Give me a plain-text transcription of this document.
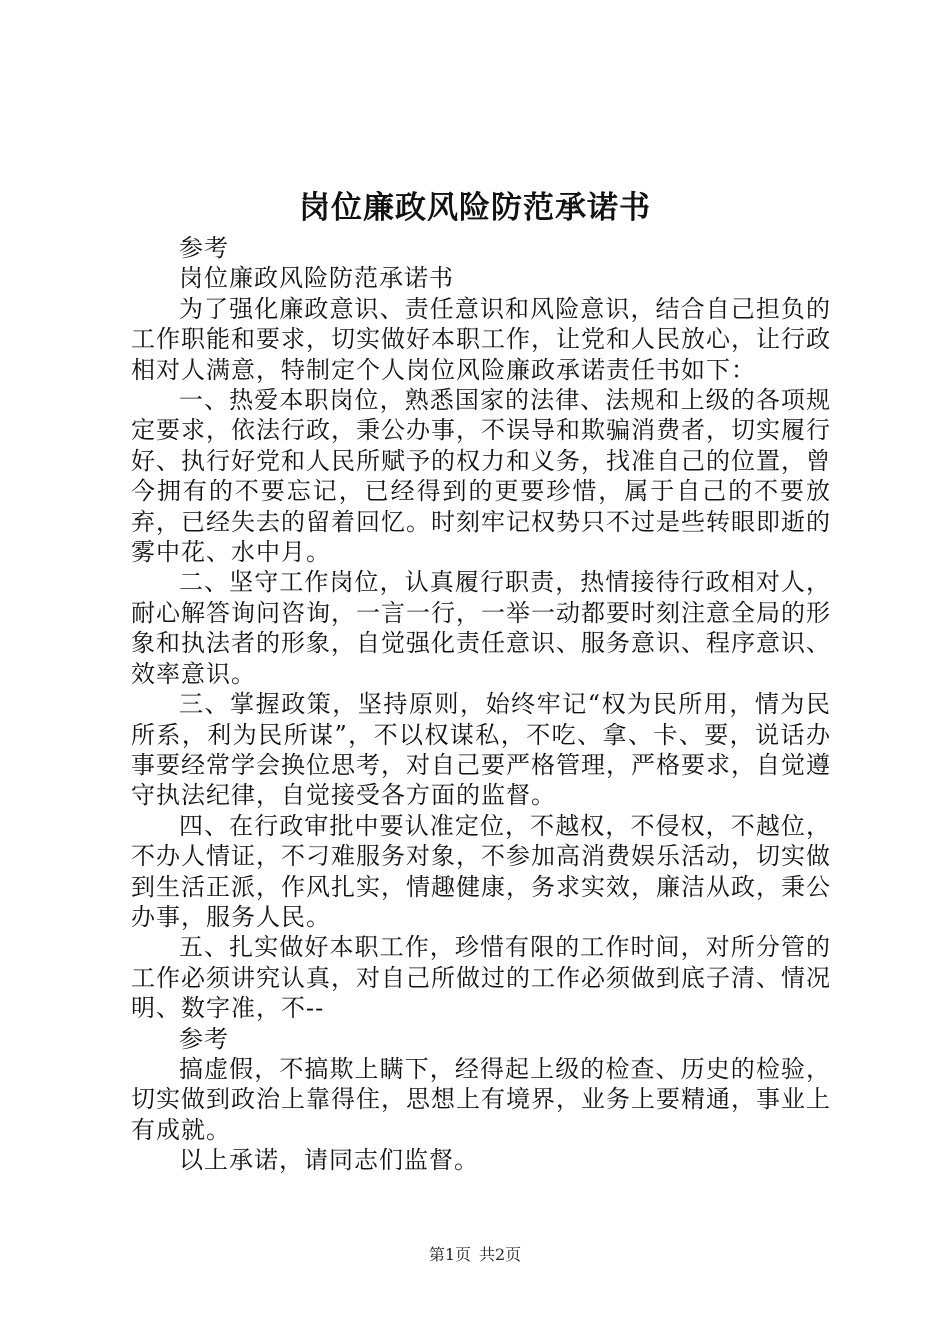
岗位廉政风险防范承诺书

参考

岗位廉政风险防范承诺书

为了强化廉政意识、责任意识和风险意识，结合自己担负的工作职能和要求，切实做好本职工作，让党和人民放心，让行政相对人满意，特制定个人岗位风险廉政承诺责任书如下：

一、热爱本职岗位，熟悉国家的法律、法规和上级的各项规定要求，依法行政，秉公办事，不误导和欺骗消费者，切实履行好、执行好党和人民所赋予的权力和义务，找准自己的位置，曾今拥有的不要忘记，已经得到的更要珍惜，属于自己的不要放弃，已经失去的留着回忆。时刻牢记权势只不过是些转眼即逝的雾中花、水中月。

二、坚守工作岗位，认真履行职责，热情接待行政相对人，耐心解答询问咨询，一言一行，一举一动都要时刻注意全局的形象和执法者的形象，自觉强化责任意识、服务意识、程序意识、效率意识。

三、掌握政策，坚持原则，始终牢记“权为民所用，情为民所系，利为民所谋”，不以权谋私，不吃、拿、卡、要，说话办事要经常学会换位思考，对自己要严格管理，严格要求，自觉遵守执法纪律，自觉接受各方面的监督。

四、在行政审批中要认准定位，不越权，不侵权，不越位，不办人情证，不刁难服务对象，不参加高消费娱乐活动，切实做到生活正派，作风扎实，情趣健康，务求实效，廉洁从政，秉公办事，服务人民。

五、扎实做好本职工作，珍惜有限的工作时间，对所分管的工作必须讲究认真，对自己所做过的工作必须做到底子清、情况明、数字准，不--

参考

搞虚假，不搞欺上瞒下，经得起上级的检查、历史的检验，切实做到政治上靠得住，思想上有境界，业务上要精通，事业上有成就。

以上承诺，请同志们监督。

第1页 共2页
